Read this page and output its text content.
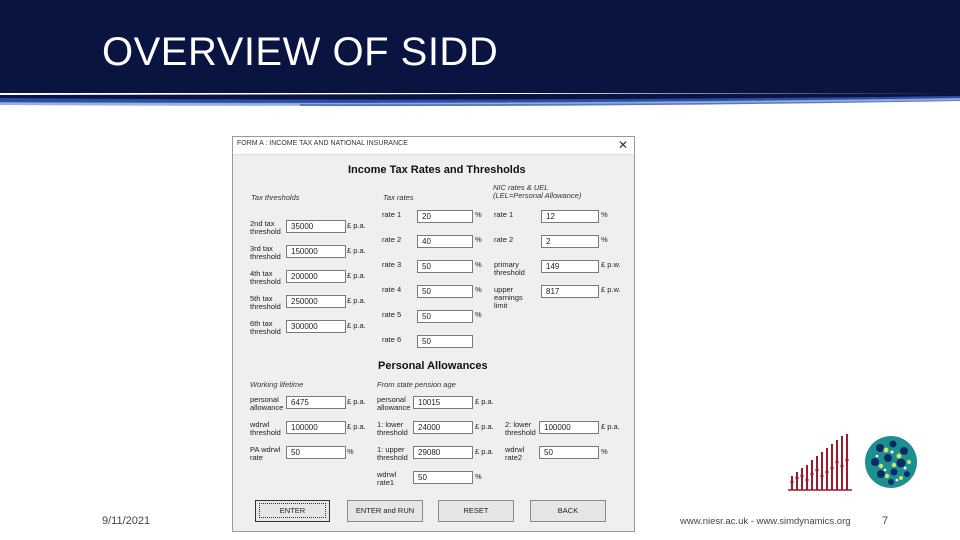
OVERVIEW OF SIDD
FORM A : INCOME TAX AND NATIONAL INSURANCE	✕
Income Tax Rates and Thresholds
Tax thresholds	Tax rates
NIC rates & UEL
(LEL=Personal Allowance)
2nd tax
threshold
35000	£ p.a.
3rd tax
threshold
150000	£ p.a.
4th tax
threshold
200000	£ p.a.
5th tax
threshold
250000	£ p.a.
6th tax
threshold
300000	£ p.a.
rate 1	20	%
rate 2	40	%
rate 3	50	%
rate 4	50	%
rate 5	50	%
rate 6	50
rate 1	12	%
rate 2	2	%
primary
threshold
149	£ p.w.
upper
earnings
limit
817	£ p.w.
Personal Allowances
Working lifetime	From state pension age
personal
allowance
6475	£ p.a.
wdrwl
threshold
100000	£ p.a.
PA wdrwl
rate
50	%
personal
allowance
10015	£ p.a.
1: lower
threshold
24000	£ p.a.
1: upper
threshold
29080	£ p.a.
wdrwl
rate1
50	%
2: lower
threshold
100000	£ p.a.
wdrwl
rate2
50	%
ENTER	ENTER and RUN	RESET	BACK
9/11/2021	www.niesr.ac.uk - www.simdynamics.org	7
